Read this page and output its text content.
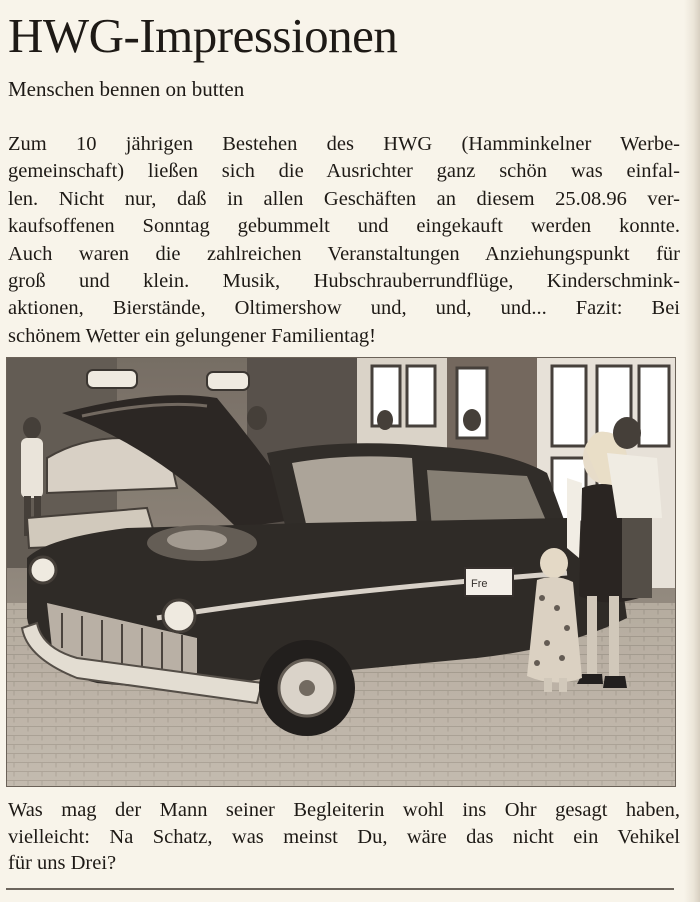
HWG-Impressionen
Menschen bennen on butten
Zum 10 jährigen Bestehen des HWG (Hamminkelner Werbe-
gemeinschaft) ließen sich die Ausrichter ganz schön was einfal-
len. Nicht nur, daß in allen Geschäften an diesem 25.08.96 ver-
kaufsoffenen Sonntag gebummelt und eingekauft werden konnte.
Auch waren die zahlreichen Veranstaltungen Anziehungspunkt für
groß und klein. Musik, Hubschrauberrundflüge, Kinderschmink-
aktionen, Bierstände, Oltimershow und, und, und... Fazit: Bei
schönem Wetter ein gelungener Familientag!
Fre
Was mag der Mann seiner Begleiterin wohl ins Ohr gesagt haben,
vielleicht: Na Schatz, was meinst Du, wäre das nicht ein Vehikel
für uns Drei?
